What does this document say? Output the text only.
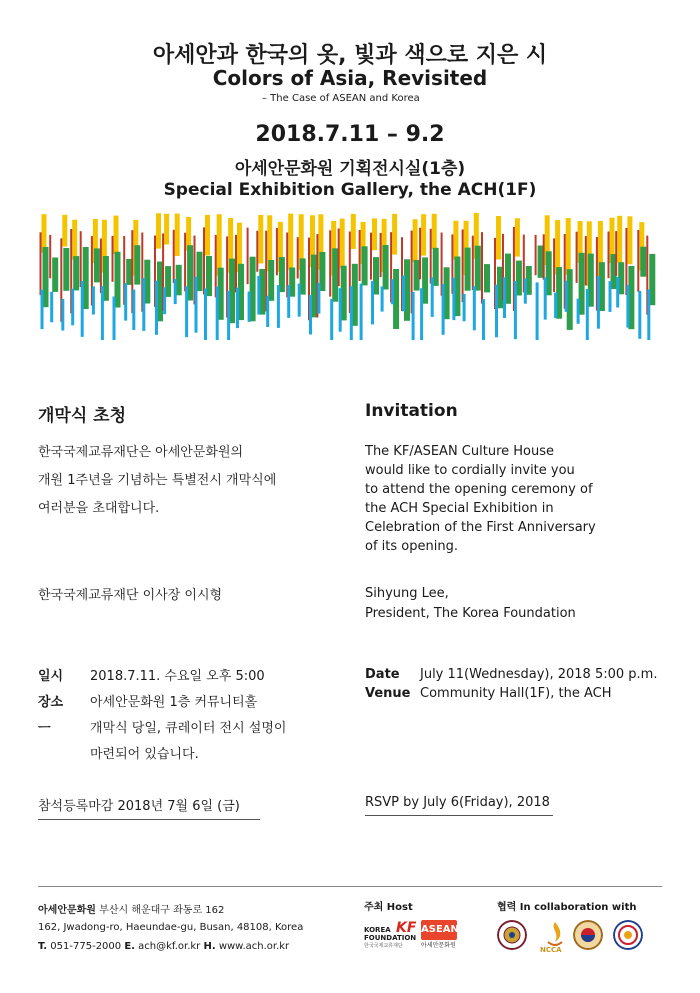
아세안과 한국의 옷, 빛과 색으로 지은 시
Colors of Asia, Revisited
– The Case of ASEAN and Korea
2018.7.11 – 9.2
아세안문화원 기획전시실(1층)
Special Exhibition Gallery, the ACH(1F)
개막식 초청	Invitation
한국국제교류재단은 아세안문화원의
개원 1주년을 기념하는 특별전시 개막식에
여러분을 초대합니다.
The KF/ASEAN Culture House
would like to cordially invite you
to attend the opening ceremony of
the ACH Special Exhibition in
Celebration of the First Anniversary
of its opening.
한국국제교류재단 이사장 이시형	Sihyung Lee,
President, The Korea Foundation
일시 2018.7.11. 수요일 오후 5:00
장소 아세안문화원 1층 커뮤니티홀
ㅡ	개막식 당일, 큐레이터 전시 설명이
마련되어 있습니다.
Date July 11(Wednesday), 2018 5:00 p.m.
Venue Community Hall(1F), the ACH
참석등록마감 2018년 7월 6일 (금)	RSVP by July 6(Friday), 2018
아세안문화원 부산시 해운대구 좌동로 162
162, Jwadong-ro, Haeundae-gu, Busan, 48108, Korea
T. 051-775-2000 E. ach@kf.or.kr H. www.ach.or.kr
주최 Host	협력 In collaboration with
KOREA
FOUNDATION
한국국제교류재단
KF ASEAN
아세안문화원
NCCA
